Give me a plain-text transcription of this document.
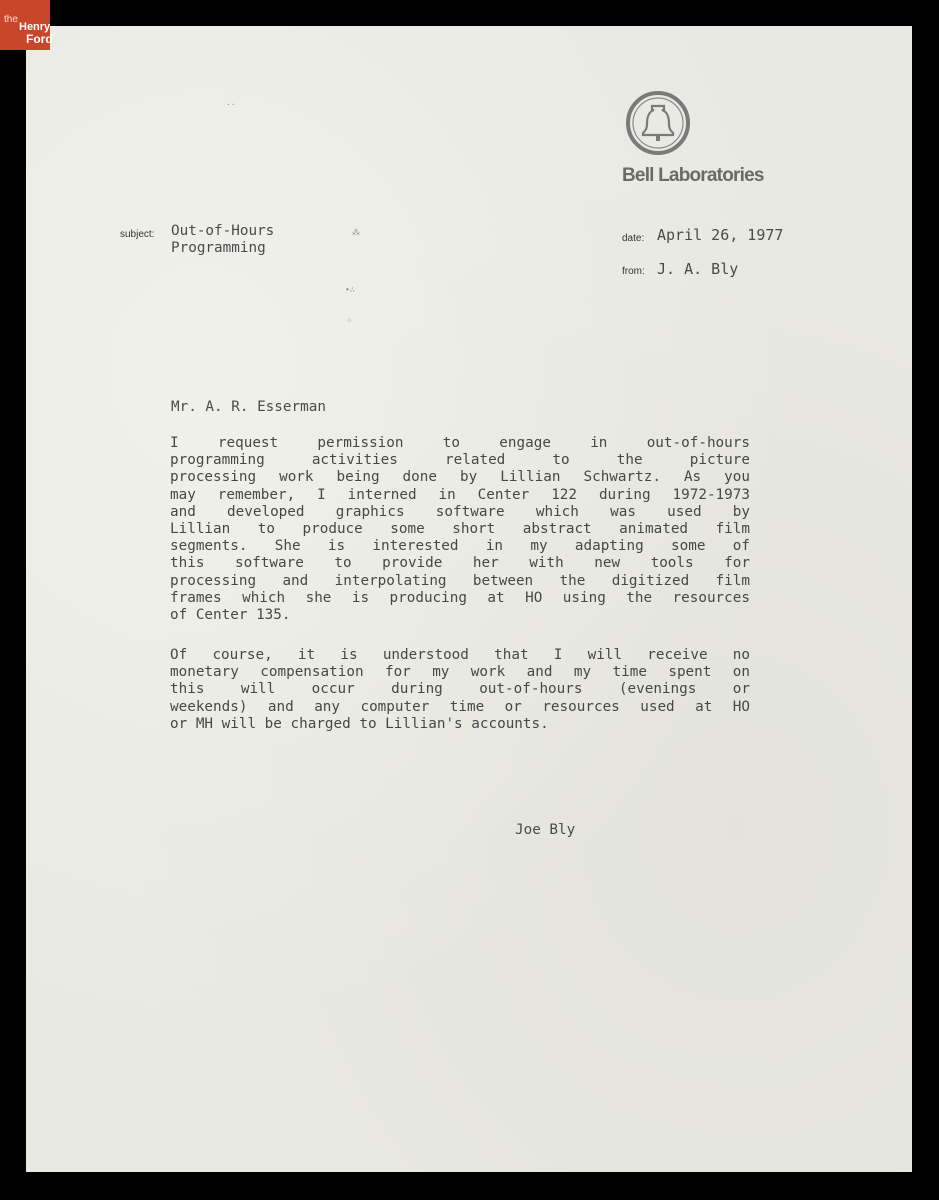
the
Henry
Ford
Bell Laboratories
subject: Out-of-Hours
Programming
date: April 26, 1977
from: J. A. Bly
··
⁂
∙∴
⁘
Mr. A. R. Esserman
I request permission to engage in out-of-hours
programming activities related to the picture
processing work being done by Lillian Schwartz. As you
may remember, I interned in Center 122 during 1972-1973
and developed graphics software which was used by
Lillian to produce some short abstract animated film
segments. She is interested in my adapting some of
this software to provide her with new tools for
processing and interpolating between the digitized film
frames which she is producing at HO using the resources
of Center 135.
Of course, it is understood that I will receive no
monetary compensation for my work and my time spent on
this will occur during out-of-hours (evenings or
weekends) and any computer time or resources used at HO
or MH will be charged to Lillian's accounts.
Joe Bly
